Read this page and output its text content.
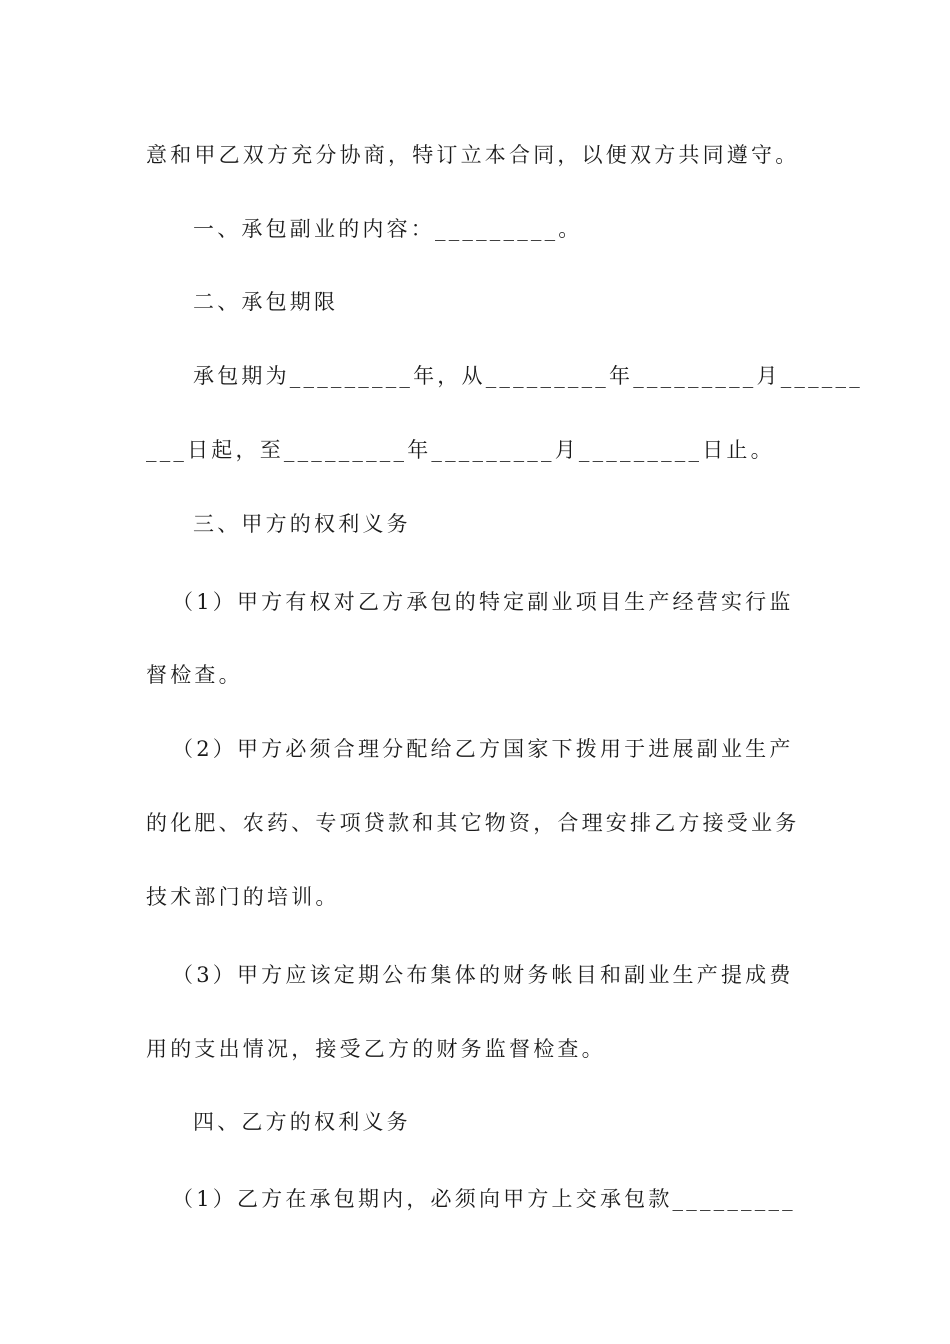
意和甲乙双方充分协商，特订立本合同，以便双方共同遵守。
一、承包副业的内容：_________。
二、承包期限
承包期为_________年，从_________年_________月______
___日起，至_________年_________月_________日止。
三、甲方的权利义务
（1）甲方有权对乙方承包的特定副业项目生产经营实行监
督检查。
（2）甲方必须合理分配给乙方国家下拨用于进展副业生产
的化肥、农药、专项贷款和其它物资，合理安排乙方接受业务
技术部门的培训。
（3）甲方应该定期公布集体的财务帐目和副业生产提成费
用的支出情况，接受乙方的财务监督检查。
四、乙方的权利义务
（1）乙方在承包期内，必须向甲方上交承包款_________
